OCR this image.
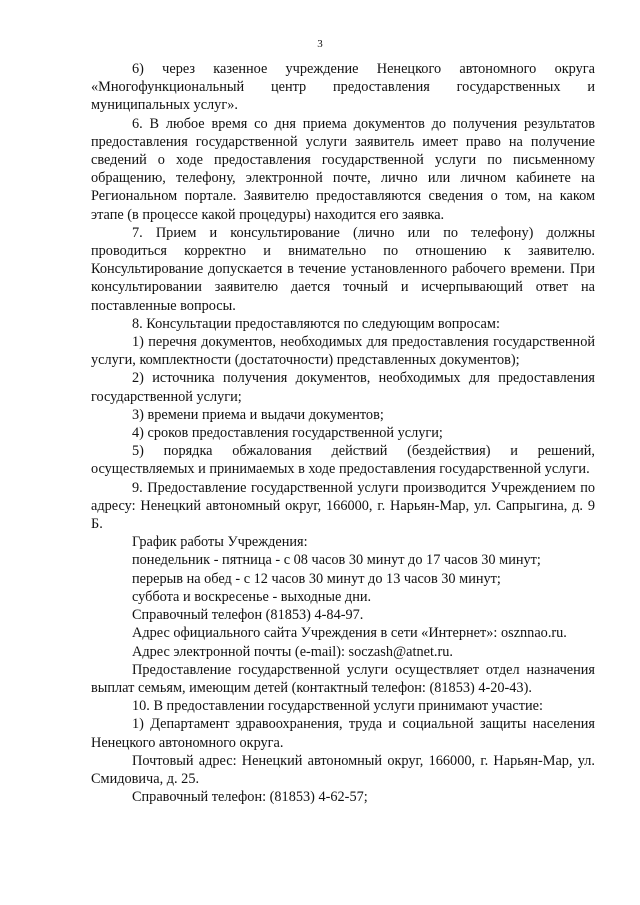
3

6) через казенное учреждение Ненецкого автономного округа «Многофункциональный центр предоставления государственных и муниципальных услуг».

6. В любое время со дня приема документов до получения результатов предоставления государственной услуги заявитель имеет право на получение сведений о ходе предоставления государственной услуги по письменному обращению, телефону, электронной почте, лично или личном кабинете на Региональном портале. Заявителю предоставляются сведения о том, на каком этапе (в процессе какой процедуры) находится его заявка.

7. Прием и консультирование (лично или по телефону) должны проводиться корректно и внимательно по отношению к заявителю. Консультирование допускается в течение установленного рабочего времени. При консультировании заявителю дается точный и исчерпывающий ответ на поставленные вопросы.

8. Консультации предоставляются по следующим вопросам:

1) перечня документов, необходимых для предоставления государственной услуги, комплектности (достаточности) представленных документов);

2) источника получения документов, необходимых для предоставления государственной услуги;

3) времени приема и выдачи документов;

4) сроков предоставления государственной услуги;

5) порядка обжалования действий (бездействия) и решений, осуществляемых и принимаемых в ходе предоставления государственной услуги.

9. Предоставление государственной услуги производится Учреждением по адресу: Ненецкий автономный округ, 166000, г. Нарьян-Мар, ул. Сапрыгина, д. 9 Б.

График работы Учреждения:

понедельник - пятница - с 08 часов 30 минут до 17 часов 30 минут;

перерыв на обед - с 12 часов 30 минут до 13 часов 30 минут;

суббота и воскресенье - выходные дни.

Справочный телефон (81853) 4-84-97.

Адрес официального сайта Учреждения в сети «Интернет»: osznnao.ru.

Адрес электронной почты (e-mail): soczash@atnet.ru.

Предоставление государственной услуги осуществляет отдел назначения выплат семьям, имеющим детей (контактный телефон: (81853) 4-20-43).

10. В предоставлении государственной услуги принимают участие:

1) Департамент здравоохранения, труда и социальной защиты населения Ненецкого автономного округа.

Почтовый адрес: Ненецкий автономный округ, 166000, г. Нарьян-Мар, ул. Смидовича, д. 25.

Справочный телефон: (81853) 4-62-57;
